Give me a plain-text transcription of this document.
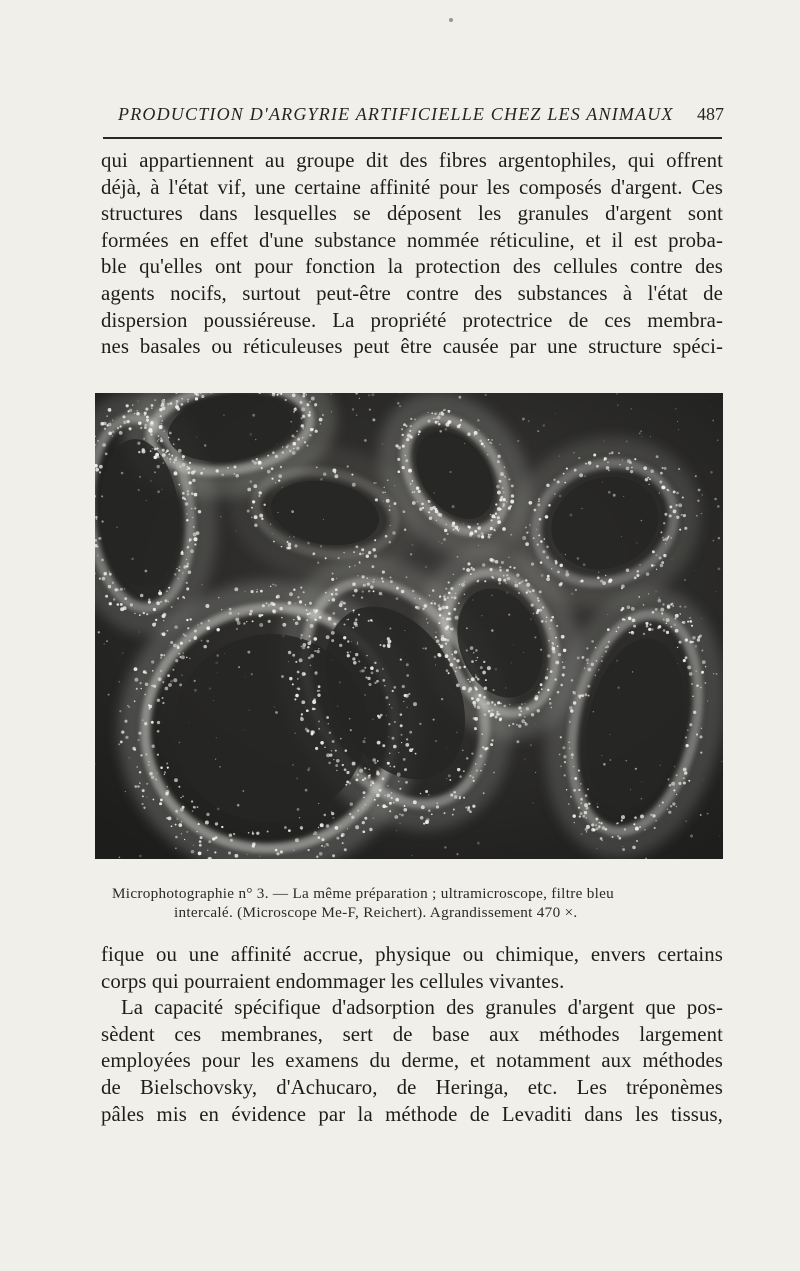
PRODUCTION D'ARGYRIE ARTIFICIELLE CHEZ LES ANIMAUX 487
qui appartiennent au groupe dit des fibres argentophiles, qui offrent
déjà, à l'état vif, une certaine affinité pour les composés d'argent. Ces
structures dans lesquelles se déposent les granules d'argent sont
formées en effet d'une substance nommée réticuline, et il est proba-
ble qu'elles ont pour fonction la protection des cellules contre des
agents nocifs, surtout peut-être contre des substances à l'état de
dispersion poussiéreuse. La propriété protectrice de ces membra-
nes basales ou réticuleuses peut être causée par une structure spéci-
Microphotographie n° 3. — La même préparation ; ultramicroscope, filtre bleu
intercalé. (Microscope Me-F, Reichert). Agrandissement 470 ×.
fique ou une affinité accrue, physique ou chimique, envers certains
corps qui pourraient endommager les cellules vivantes.
La capacité spécifique d'adsorption des granules d'argent que pos-
sèdent ces membranes, sert de base aux méthodes largement
employées pour les examens du derme, et notamment aux méthodes
de Bielschovsky, d'Achucaro, de Heringa, etc. Les tréponèmes
pâles mis en évidence par la méthode de Levaditi dans les tissus,
